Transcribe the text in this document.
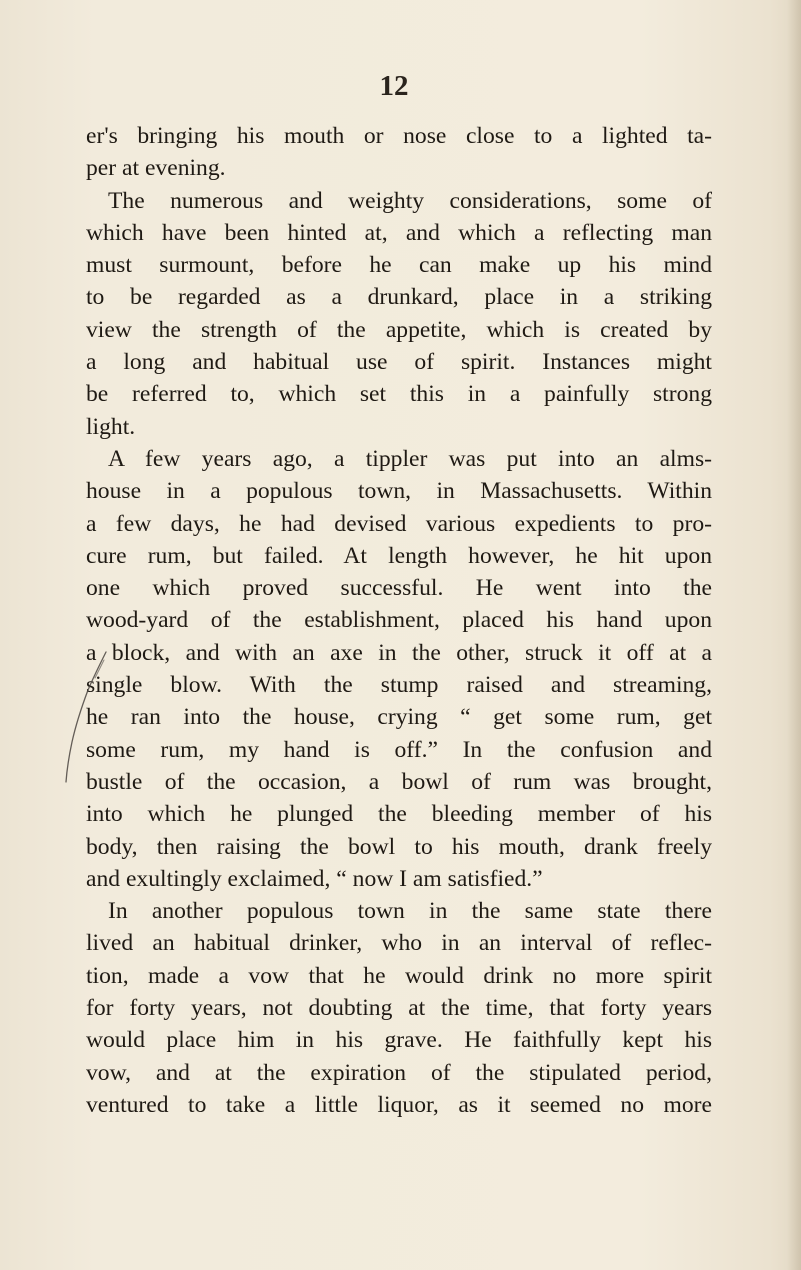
12
er's bringing his mouth or nose close to a lighted ta-
per at evening.
The numerous and weighty considerations, some of
which have been hinted at, and which a reflecting man
must surmount, before he can make up his mind
to be regarded as a drunkard, place in a striking
view the strength of the appetite, which is created by
a long and habitual use of spirit. Instances might
be referred to, which set this in a painfully strong
light.
A few years ago, a tippler was put into an alms-
house in a populous town, in Massachusetts. Within
a few days, he had devised various expedients to pro-
cure rum, but failed. At length however, he hit upon
one which proved successful. He went into the
wood-yard of the establishment, placed his hand upon
a block, and with an axe in the other, struck it off at a
single blow. With the stump raised and streaming,
he ran into the house, crying “ get some rum, get
some rum, my hand is off.” In the confusion and
bustle of the occasion, a bowl of rum was brought,
into which he plunged the bleeding member of his
body, then raising the bowl to his mouth, drank freely
and exultingly exclaimed, “ now I am satisfied.”
In another populous town in the same state there
lived an habitual drinker, who in an interval of reflec-
tion, made a vow that he would drink no more spirit
for forty years, not doubting at the time, that forty years
would place him in his grave. He faithfully kept his
vow, and at the expiration of the stipulated period,
ventured to take a little liquor, as it seemed no more
